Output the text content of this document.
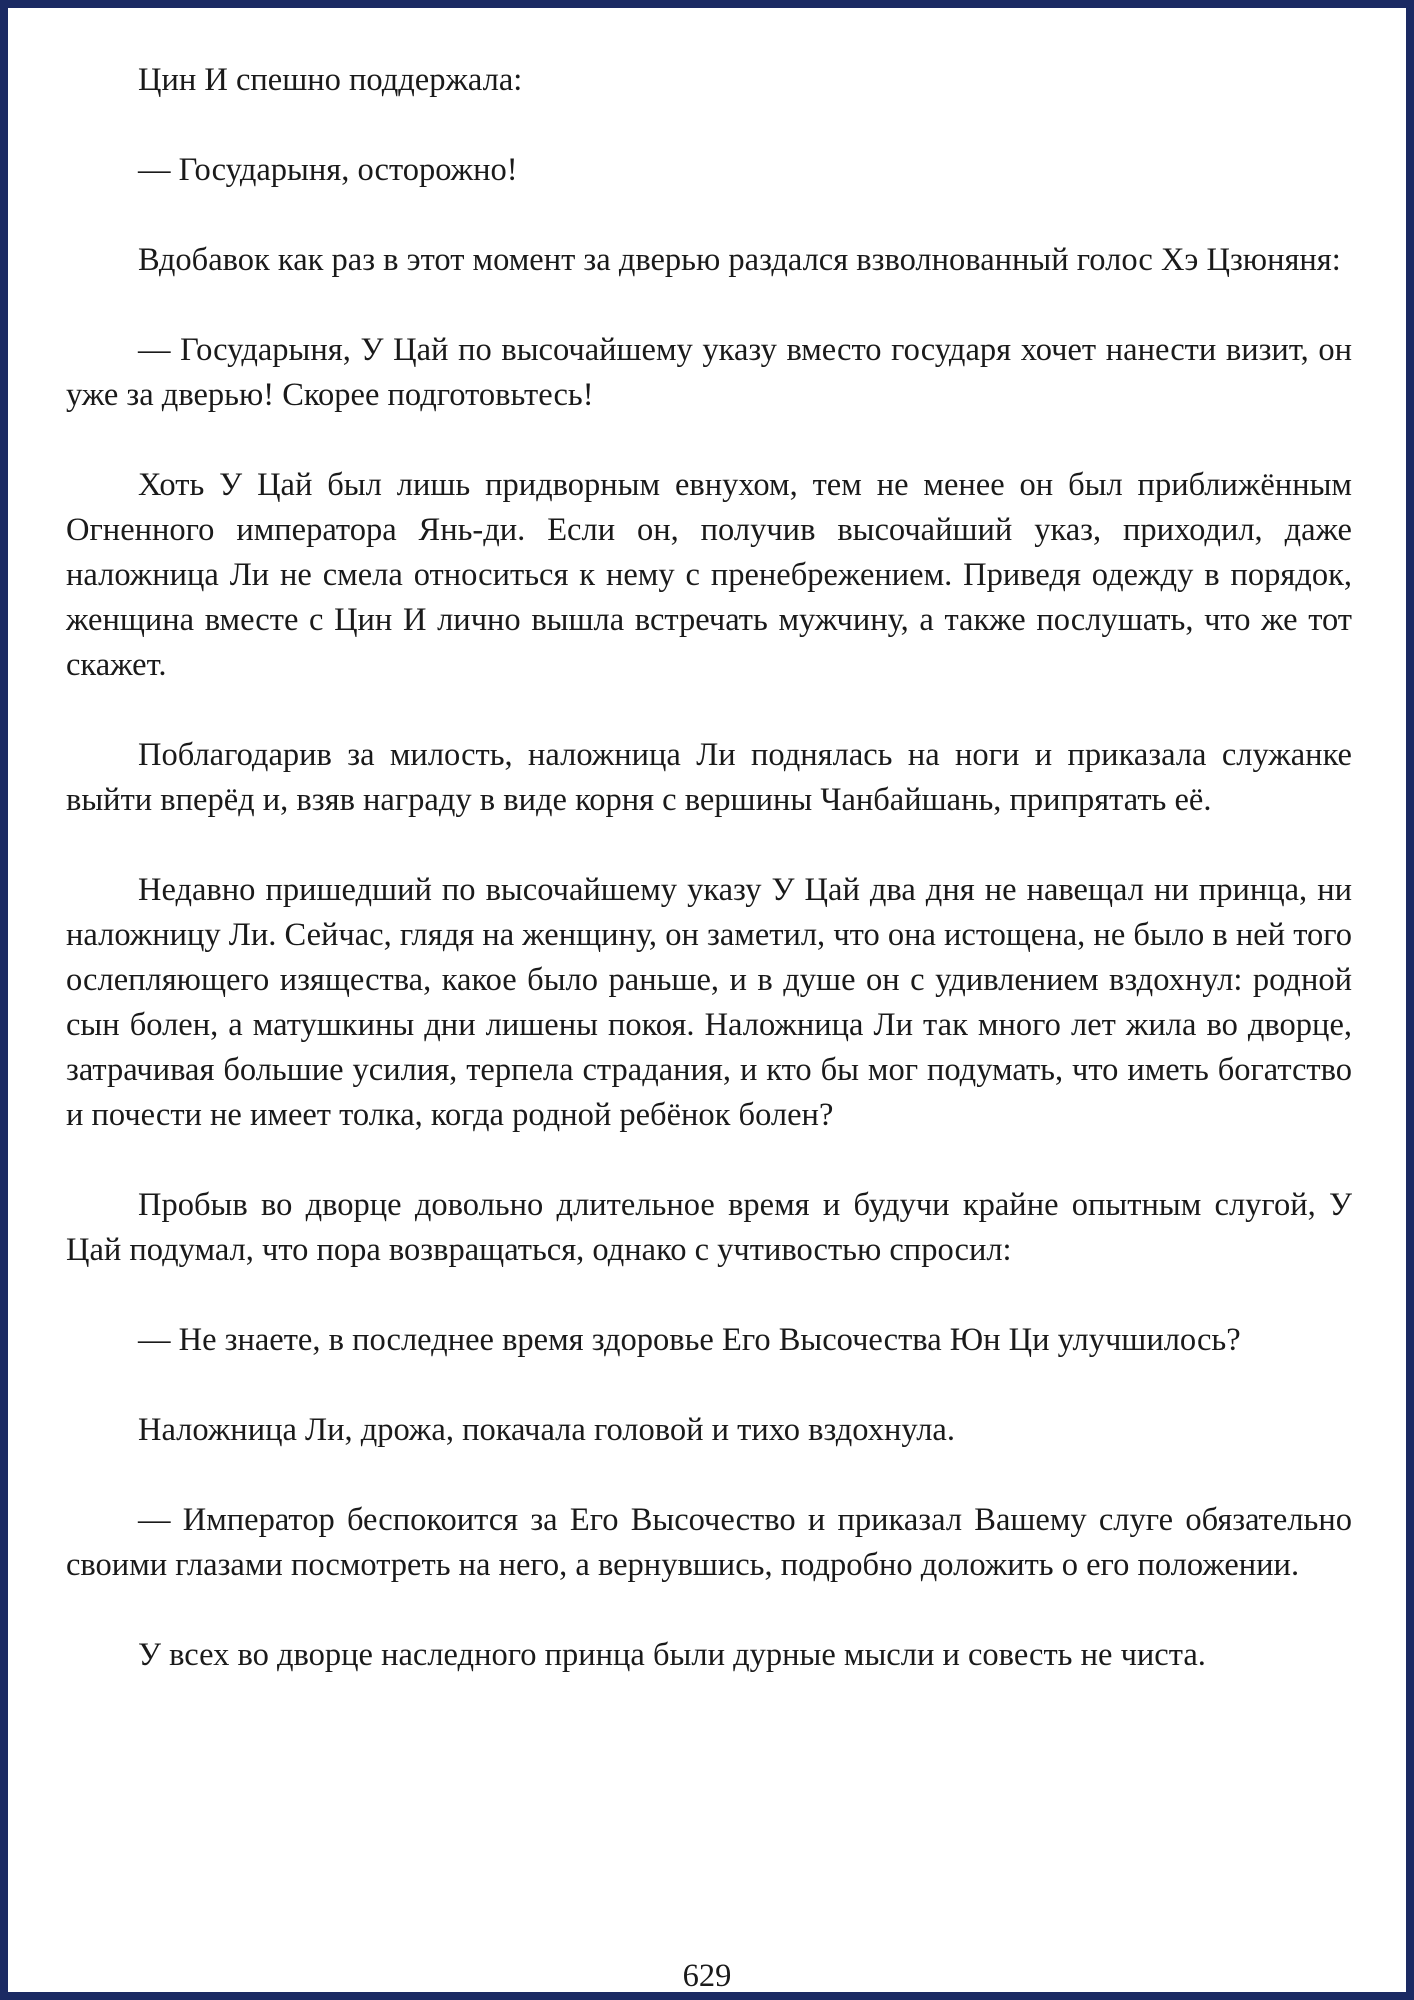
Цин И спешно поддержала:

— Государыня, осторожно!

Вдобавок как раз в этот момент за дверью раздался взволнованный голос Хэ Цзюняня:

— Государыня, У Цай по высочайшему указу вместо государя хочет нанести визит, он уже за дверью! Скорее подготовьтесь!

Хоть У Цай был лишь придворным евнухом, тем не менее он был приближённым Огненного императора Янь-ди. Если он, получив высочайший указ, приходил, даже наложница Ли не смела относиться к нему с пренебрежением. Приведя одежду в порядок, женщина вместе с Цин И лично вышла встречать мужчину, а также послушать, что же тот скажет.

Поблагодарив за милость, наложница Ли поднялась на ноги и приказала служанке выйти вперёд и, взяв награду в виде корня с вершины Чанбайшань, припрятать её.

Недавно пришедший по высочайшему указу У Цай два дня не навещал ни принца, ни наложницу Ли. Сейчас, глядя на женщину, он заметил, что она истощена, не было в ней того ослепляющего изящества, какое было раньше, и в душе он с удивлением вздохнул: родной сын болен, а матушкины дни лишены покоя. Наложница Ли так много лет жила во дворце, затрачивая большие усилия, терпела страдания, и кто бы мог подумать, что иметь богатство и почести не имеет толка, когда родной ребёнок болен?

Пробыв во дворце довольно длительное время и будучи крайне опытным слугой, У Цай подумал, что пора возвращаться, однако с учтивостью спросил:

— Не знаете, в последнее время здоровье Его Высочества Юн Ци улучшилось?

Наложница Ли, дрожа, покачала головой и тихо вздохнула.

— Император беспокоится за Его Высочество и приказал Вашему слуге обязательно своими глазами посмотреть на него, а вернувшись, подробно доложить о его положении.

У всех во дворце наследного принца были дурные мысли и совесть не чиста.

629
